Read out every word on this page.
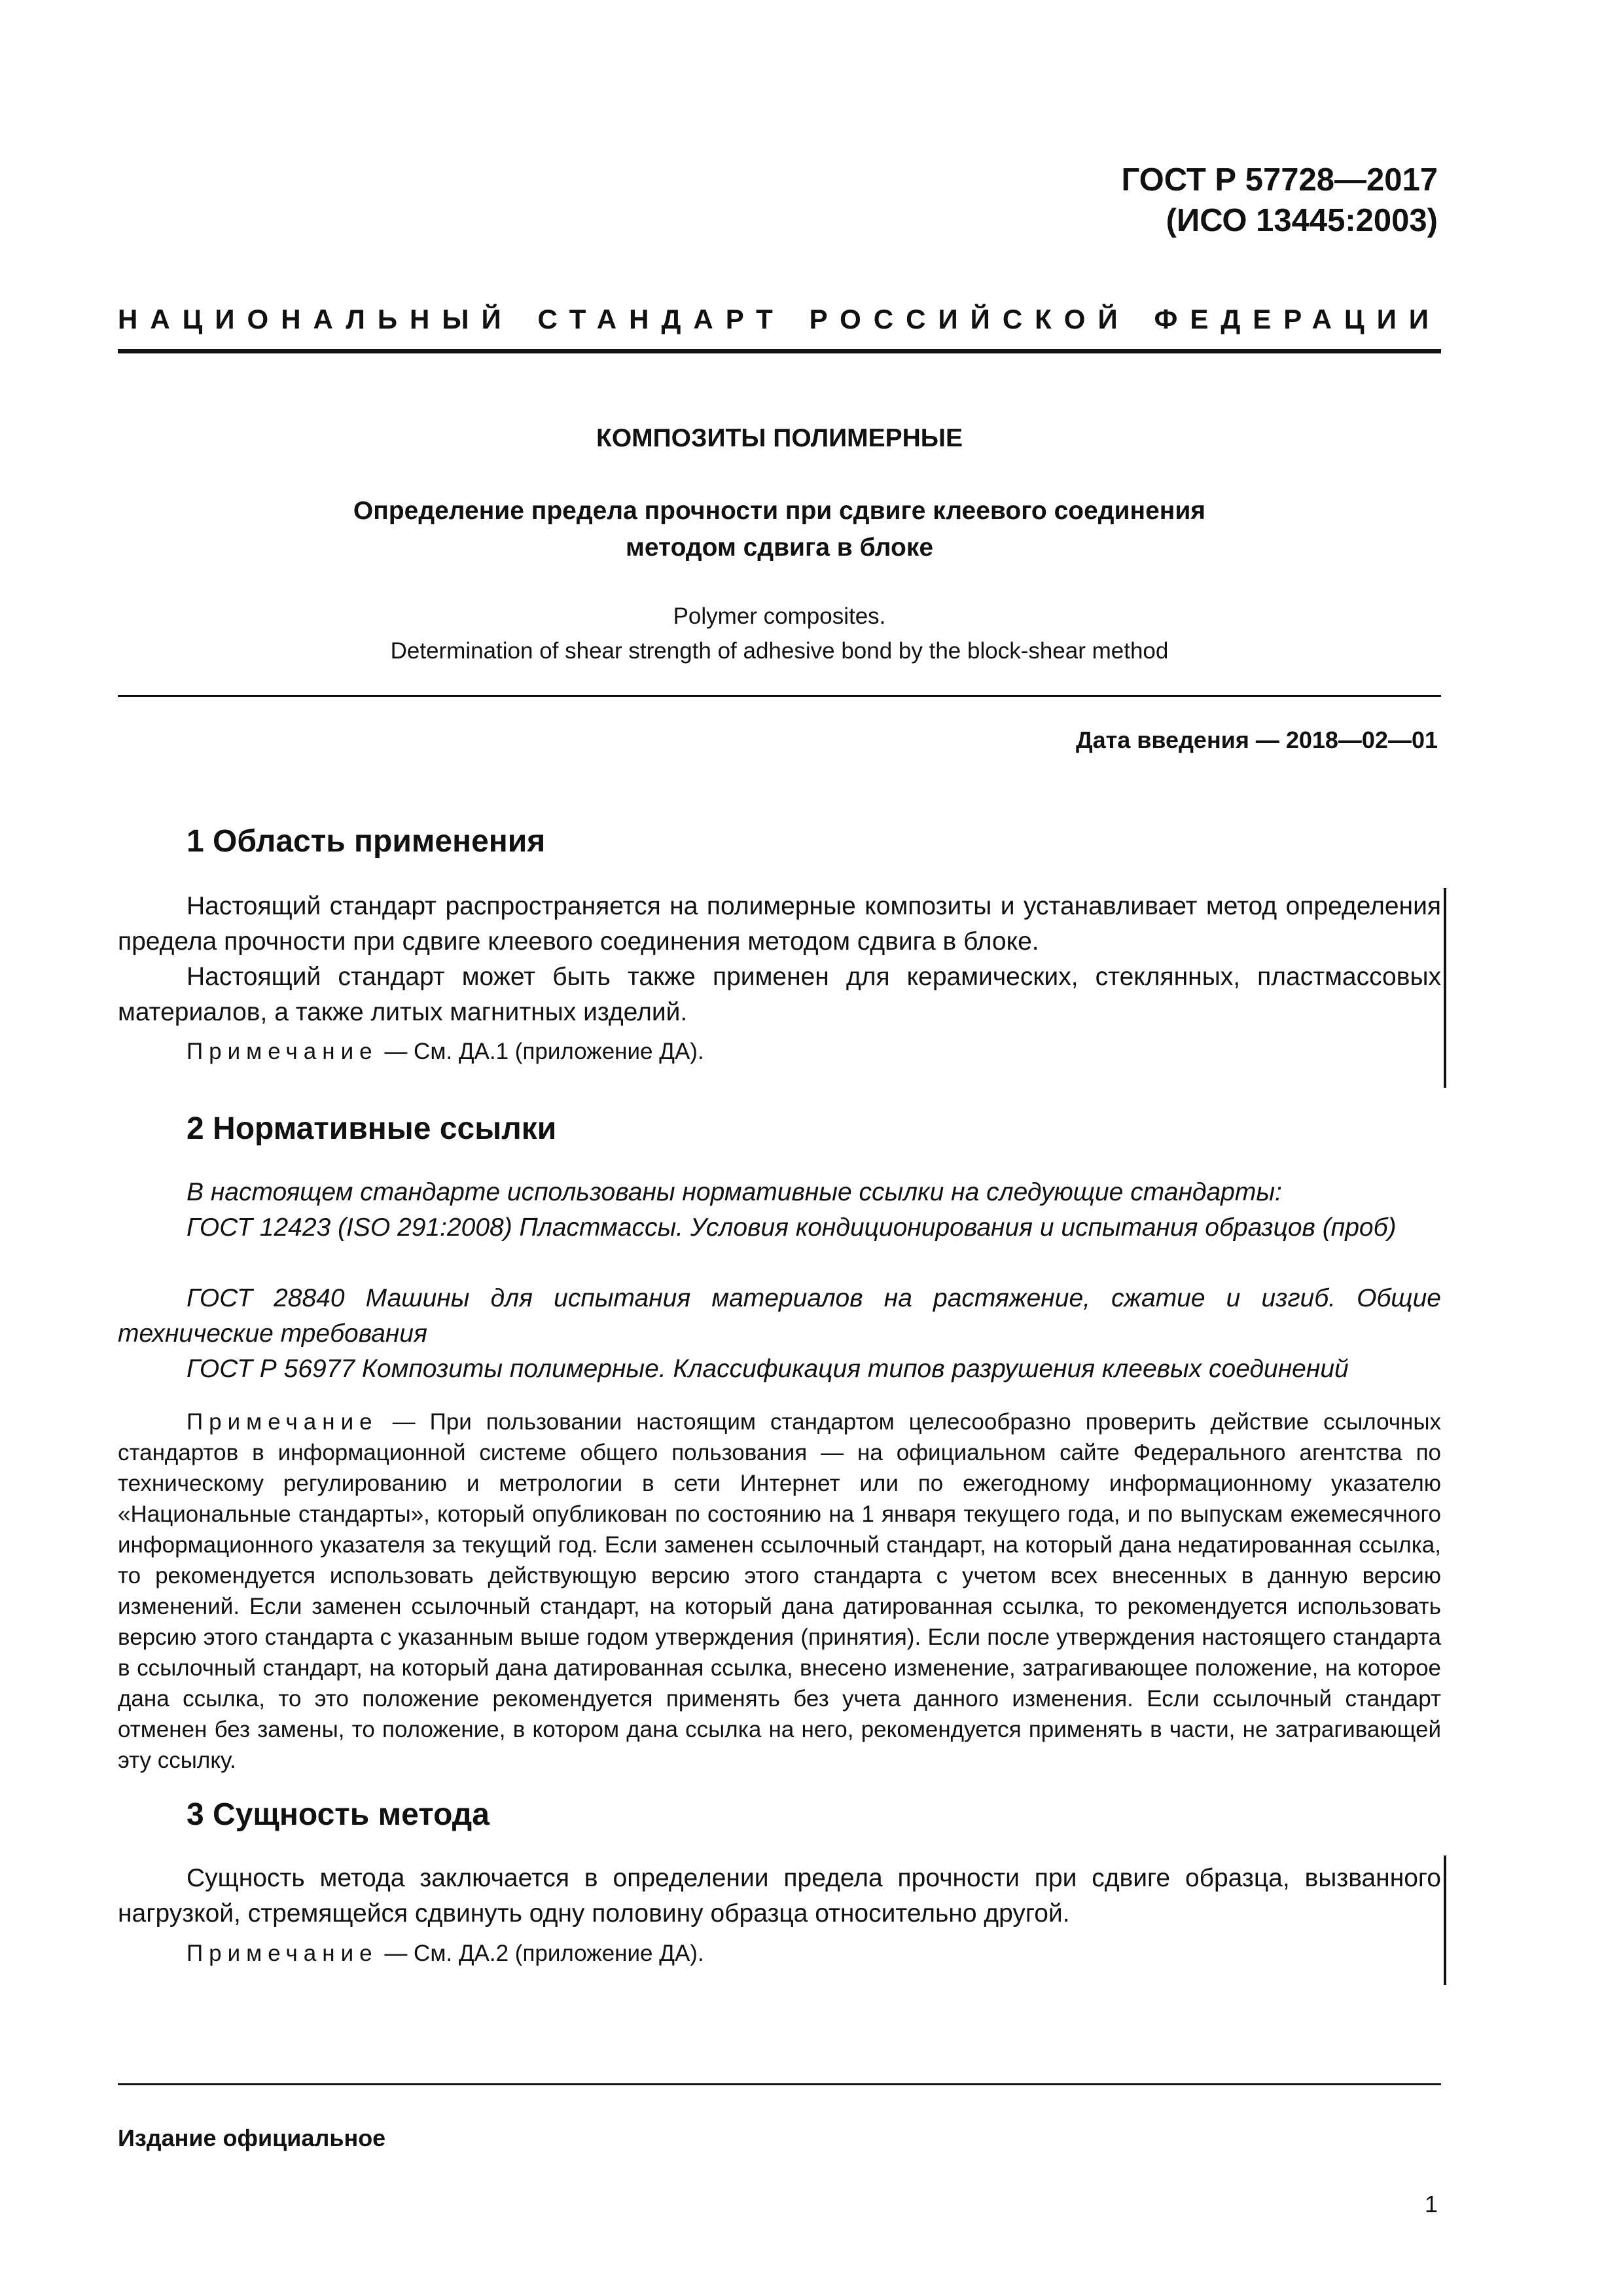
ГОСТ Р 57728—2017
(ИСО 13445:2003)
НАЦИОНАЛЬНЫЙ СТАНДАРТ РОССИЙСКОЙ ФЕДЕРАЦИИ
КОМПОЗИТЫ ПОЛИМЕРНЫЕ
Определение предела прочности при сдвиге клеевого соединения
методом сдвига в блоке
Polymer composites.
Determination of shear strength of adhesive bond by the block-shear method
Дата введения — 2018—02—01
1 Область применения

Настоящий стандарт распространяется на полимерные композиты и устанавливает метод определения предела прочности при сдвиге клеевого соединения методом сдвига в блоке.

Настоящий стандарт может быть также применен для керамических, стеклянных, пластмассовых материалов, а также литых магнитных изделий.

Примечание — См. ДА.1 (приложение ДА).

2 Нормативные ссылки

В настоящем стандарте использованы нормативные ссылки на следующие стандарты:

ГОСТ 12423 (ISO 291:2008) Пластмассы. Условия кондиционирования и испытания образцов (проб)

ГОСТ 28840 Машины для испытания материалов на растяжение, сжатие и изгиб. Общие технические требования

ГОСТ Р 56977 Композиты полимерные. Классификация типов разрушения клеевых соединений

Примечание — При пользовании настоящим стандартом целесообразно проверить действие ссылочных стандартов в информационной системе общего пользования — на официальном сайте Федерального агентства по техническому регулированию и метрологии в сети Интернет или по ежегодному информационному указателю «Национальные стандарты», который опубликован по состоянию на 1 января текущего года, и по выпускам ежемесячного информационного указателя за текущий год. Если заменен ссылочный стандарт, на который дана недатированная ссылка, то рекомендуется использовать действующую версию этого стандарта с учетом всех внесенных в данную версию изменений. Если заменен ссылочный стандарт, на который дана датированная ссылка, то рекомендуется использовать версию этого стандарта с указанным выше годом утверждения (принятия). Если после утверждения настоящего стандарта в ссылочный стандарт, на который дана датированная ссылка, внесено изменение, затрагивающее положение, на которое дана ссылка, то это положение рекомендуется применять без учета данного изменения. Если ссылочный стандарт отменен без замены, то положение, в котором дана ссылка на него, рекомендуется применять в части, не затрагивающей эту ссылку.

3 Сущность метода

Сущность метода заключается в определении предела прочности при сдвиге образца, вызванного нагрузкой, стремящейся сдвинуть одну половину образца относительно другой.

Примечание — См. ДА.2 (приложение ДА).

Издание официальное
1
